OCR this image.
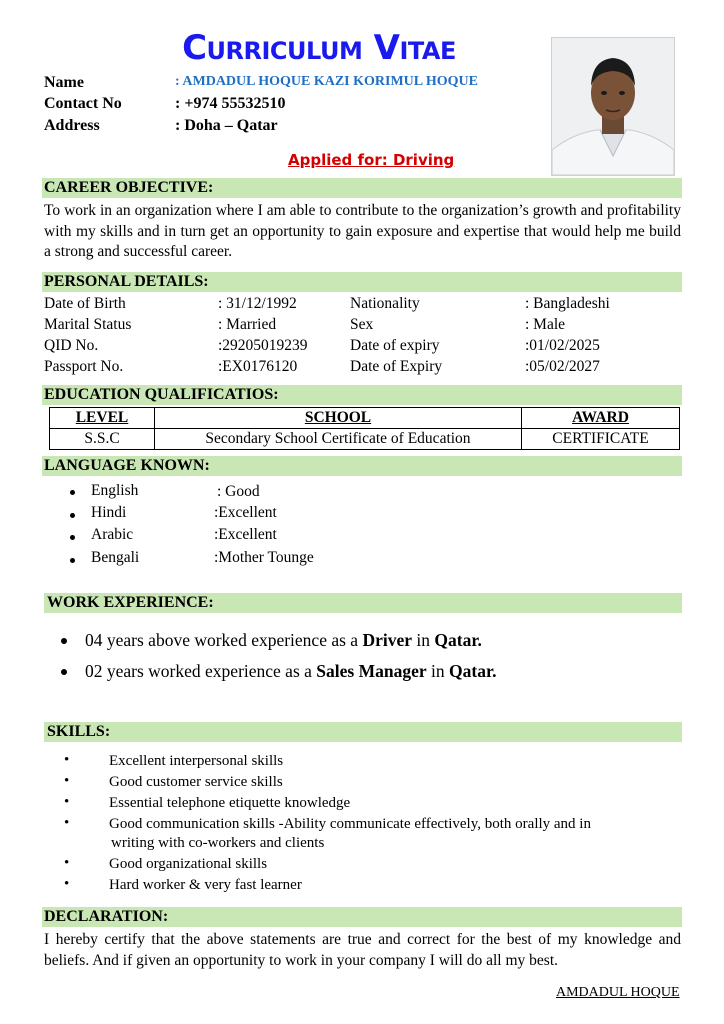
Curriculum Vitae
Name	: AMDADUL HOQUE KAZI KORIMUL HOQUE
Contact No	: +974 55532510
Address	: Doha – Qatar
Applied for: Driving
CAREER OBJECTIVE:
To work in an organization where I am able to contribute to the organization’s growth and profitability with my skills and in turn get an opportunity to gain exposure and expertise that would help me build a strong and successful career.
PERSONAL DETAILS:
Date of Birth	: 31/12/1992	Nationality	: Bangladeshi
Marital Status	: Married	Sex	: Male
QID No.	:29205019239	Date of expiry	:01/02/2025
Passport No.	:EX0176120	Date of Expiry	:05/02/2027
EDUCATION QUALIFICATIOS:
LEVEL	SCHOOL	AWARD
S.S.C	Secondary School Certificate of Education	CERTIFICATE
LANGUAGE KNOWN:
English	: Good
Hindi	:Excellent
Arabic	:Excellent
Bengali	:Mother Tounge
WORK EXPERIENCE:
04 years above worked experience as a Driver in Qatar.
02 years worked experience as a Sales Manager in Qatar.
SKILLS:
•	Excellent interpersonal skills
•	Good customer service skills
•	Essential telephone etiquette knowledge
•	Good communication skills -Ability communicate effectively, both orally and in
writing with co-workers and clients
•	Good organizational skills
•	Hard worker & very fast learner
DECLARATION:
I hereby certify that the above statements are true and correct for the best of my knowledge and beliefs. And if given an opportunity to work in your company I will do all my best.
AMDADUL HOQUE
